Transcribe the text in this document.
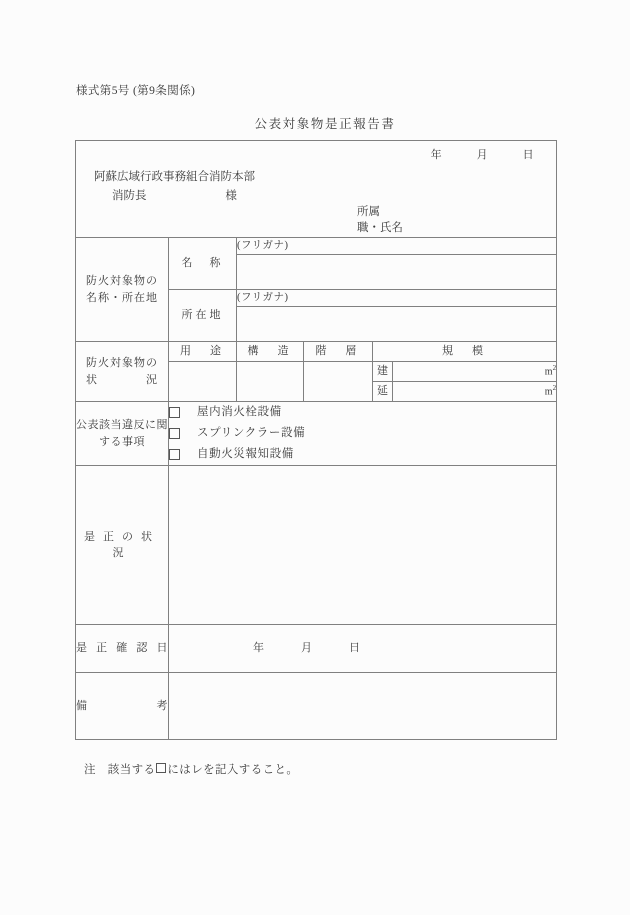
様式第5号 (第9条関係)
公表対象物是正報告書
年 月 日
阿蘇広域行政事務組合消防本部
消防長 様
所属
職・氏名					

防火対象物の
名称・所在地	名　称	(フリガナ)			

	所在地	(フリガナ)			

防火対象物の
状　　　　況	用　途	構　造	階　層	規　模	
				建	$m^2$
				延	$m^2$
公表該当違反に関する事項	屋内消火栓設備
スプリンクラー設備
自動火災報知設備				

是正の状況					
是正確認日	年 月 日				

備考					
注　該当する にはレを記入すること。
